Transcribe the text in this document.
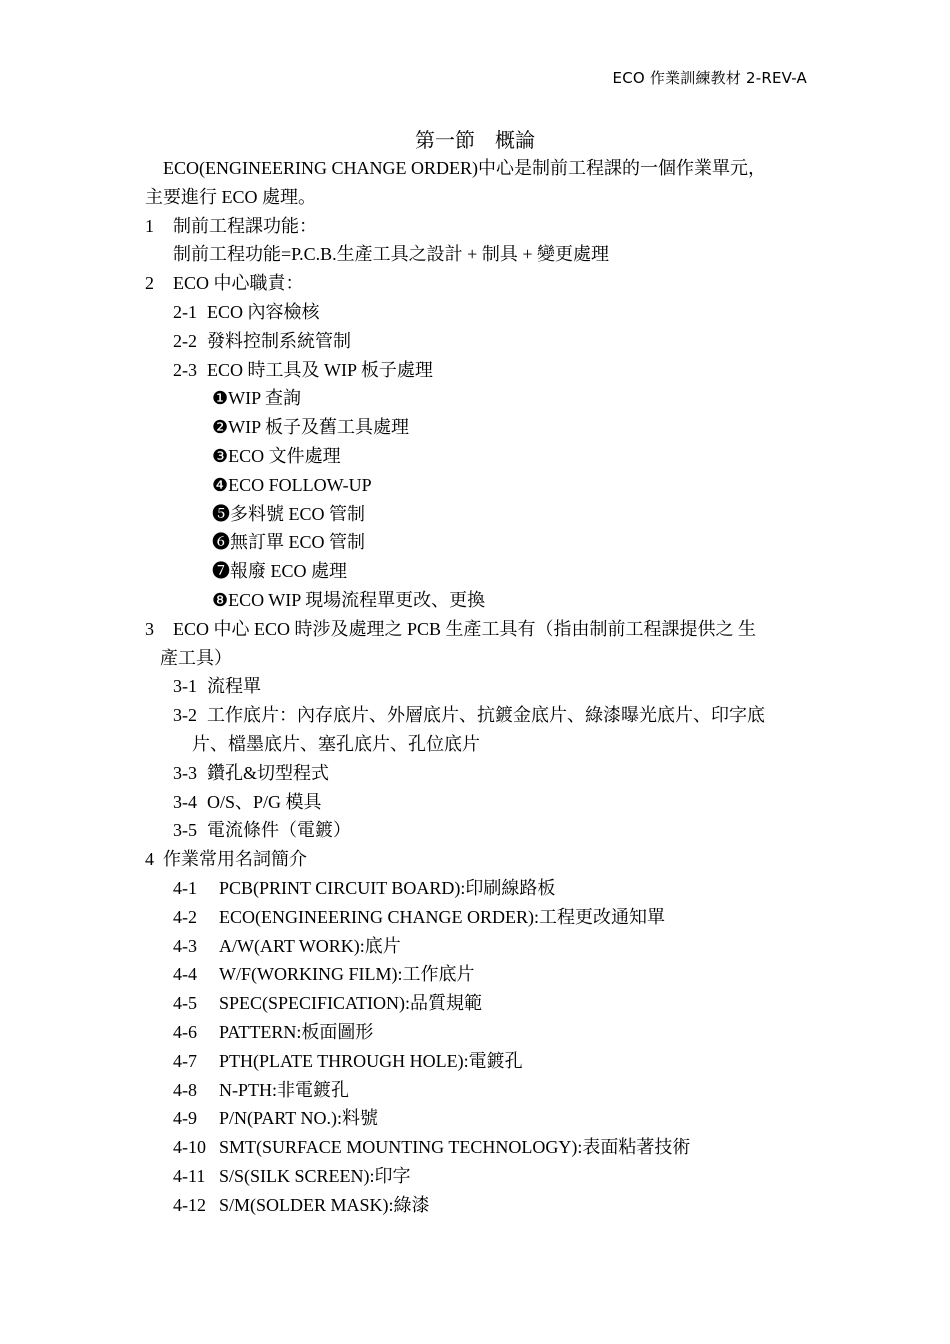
ECO 作業訓練教材 2-REV-A
第一節　概論
ECO(ENGINEERING CHANGE ORDER)中心是制前工程課的一個作業單元，
主要進行 ECO 處理。
1 制前工程課功能：
制前工程功能=P.C.B.生產工具之設計 + 制具 + 變更處理
2 ECO 中心職責：
2-1 ECO 內容檢核
2-2 發料控制系統管制
2-3 ECO 時工具及 WIP 板子處理
❶WIP 查詢
❷WIP 板子及舊工具處理
❸ECO 文件處理
❹ECO FOLLOW-UP
❺多料號 ECO 管制
❻無訂單 ECO 管制
❼報廢 ECO 處理
❽ECO WIP 現場流程單更改、更換
3 ECO 中心 ECO 時涉及處理之 PCB 生產工具有（指由制前工程課提供之 生
產工具）
3-1 流程單
3-2 工作底片：內存底片、外層底片、抗鍍金底片、綠漆曝光底片、印字底
片、檔墨底片、塞孔底片、孔位底片
3-3 鑽孔&切型程式
3-4 O/S、P/G 模具
3-5 電流條件（電鍍）
4 作業常用名詞簡介
4-1 PCB(PRINT CIRCUIT BOARD):印刷線路板
4-2 ECO(ENGINEERING CHANGE ORDER):工程更改通知單
4-3 A/W(ART WORK):底片
4-4 W/F(WORKING FILM):工作底片
4-5 SPEC(SPECIFICATION):品質規範
4-6 PATTERN:板面圖形
4-7 PTH(PLATE THROUGH HOLE):電鍍孔
4-8 N-PTH:非電鍍孔
4-9 P/N(PART NO.):料號
4-10 SMT(SURFACE MOUNTING TECHNOLOGY):表面粘著技術
4-11 S/S(SILK SCREEN):印字
4-12 S/M(SOLDER MASK):綠漆
